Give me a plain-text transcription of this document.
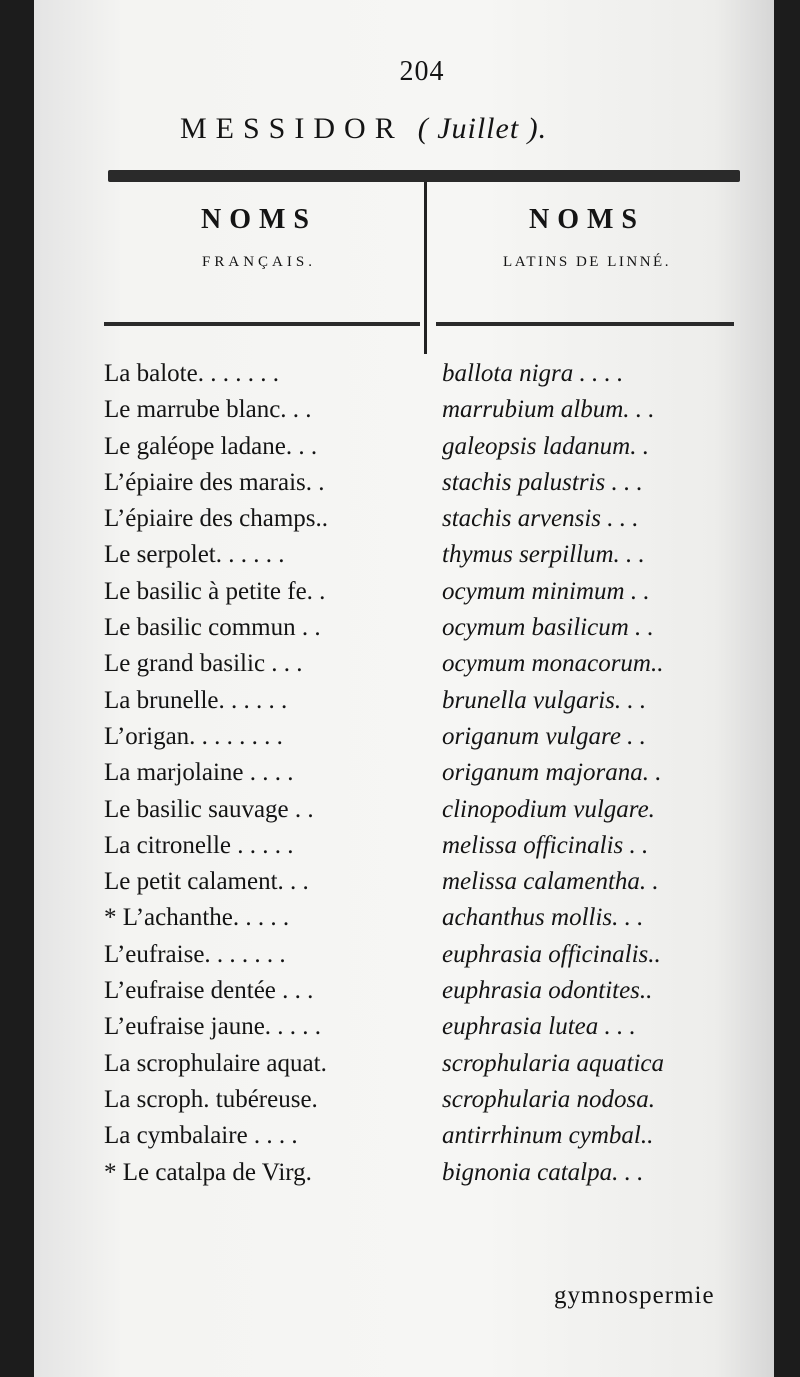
204
MESSIDOR ( Juillet ).
NOMS
FRANÇAIS.
NOMS
LATINS DE LINNÉ.
La balote. . . . . . .	ballota nigra . . . .
Le marrube blanc. . .	marrubium album. . .
Le galéope ladane. . .	galeopsis ladanum. .
L’épiaire des marais. .	stachis palustris . . .
L’épiaire des champs..	stachis arvensis . . .
Le serpolet. . . . . .	thymus serpillum. . .
Le basilic à petite fe. .	ocymum minimum . .
Le basilic commun . .	ocymum basilicum . .
Le grand basilic . . .	ocymum monacorum..
La brunelle. . . . . .	brunella vulgaris. . .
L’origan. . . . . . . .	origanum vulgare . .
La marjolaine . . . .	origanum majorana. .
Le basilic sauvage . .	clinopodium vulgare.
La citronelle . . . . .	melissa officinalis . .
Le petit calament. . .	melissa calamentha. .
* L’achanthe. . . . .	achanthus mollis. . .
L’eufraise. . . . . . .	euphrasia officinalis..
L’eufraise dentée . . .	euphrasia odontites..
L’eufraise jaune. . . . .	euphrasia lutea . . .
La scrophulaire aquat.	scrophularia aquatica
La scroph. tubéreuse.	scrophularia nodosa.
La cymbalaire . . . .	antirrhinum cymbal..
* Le catalpa de Virg.	bignonia catalpa. . .
gymnospermie
